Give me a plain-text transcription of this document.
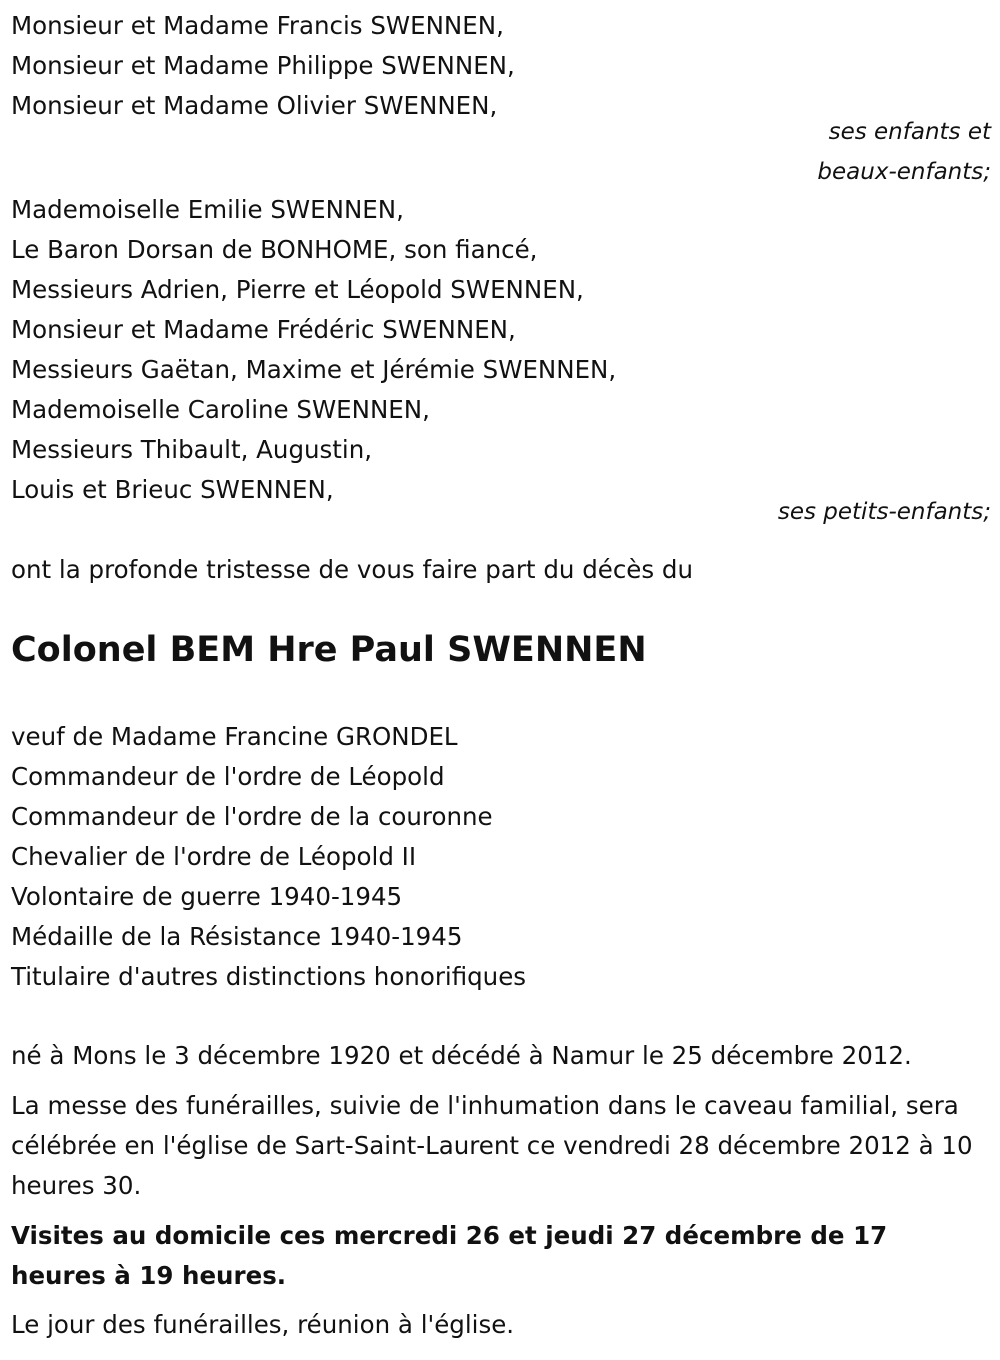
Monsieur et Madame Francis SWENNEN,
Monsieur et Madame Philippe SWENNEN,
Monsieur et Madame Olivier SWENNEN,
ses enfants et
beaux-enfants;
Mademoiselle Emilie SWENNEN,
Le Baron Dorsan de BONHOME, son fiancé,
Messieurs Adrien, Pierre et Léopold SWENNEN,
Monsieur et Madame Frédéric SWENNEN,
Messieurs Gaëtan, Maxime et Jérémie SWENNEN,
Mademoiselle Caroline SWENNEN,
Messieurs Thibault, Augustin,
Louis et Brieuc SWENNEN,
ses petits-enfants;
ont la profonde tristesse de vous faire part du décès du
Colonel BEM Hre Paul SWENNEN
veuf de Madame Francine GRONDEL
Commandeur de l'ordre de Léopold
Commandeur de l'ordre de la couronne
Chevalier de l'ordre de Léopold II
Volontaire de guerre 1940-1945
Médaille de la Résistance 1940-1945
Titulaire d'autres distinctions honorifiques
né à Mons le 3 décembre 1920 et décédé à Namur le 25 décembre 2012.
La messe des funérailles, suivie de l'inhumation dans le caveau familial, sera célébrée en l'église de Sart-Saint-Laurent ce vendredi 28 décembre 2012 à 10 heures 30.
Visites au domicile ces mercredi 26 et jeudi 27 décembre de 17 heures à 19 heures.
Le jour des funérailles, réunion à l'église.
